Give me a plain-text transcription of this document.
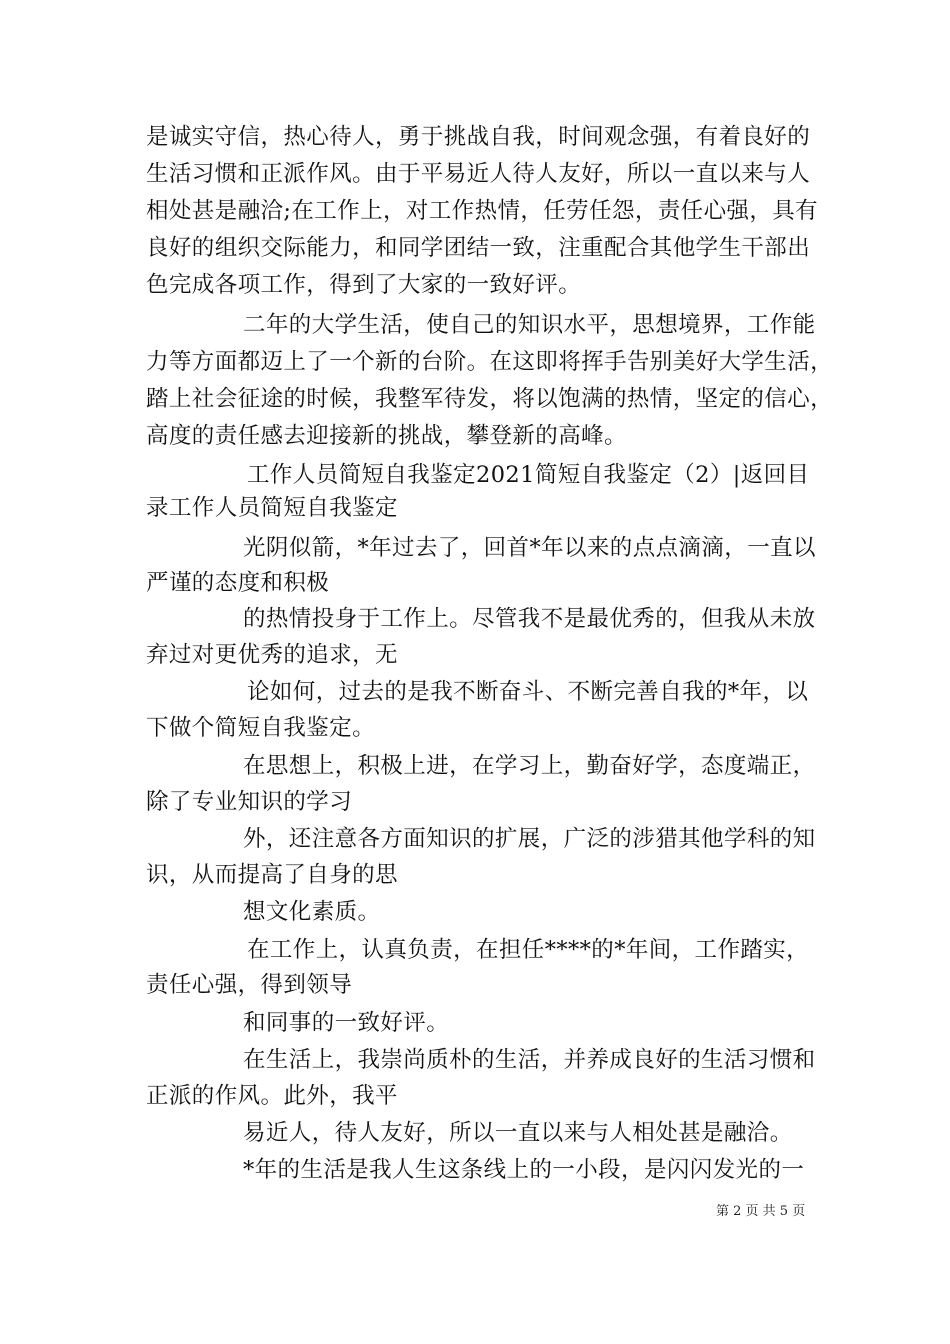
是诚实守信，热心待人，勇于挑战自我，时间观念强，有着良好的
生活习惯和正派作风。由于平易近人待人友好，所以一直以来与人
相处甚是融洽;在工作上，对工作热情，任劳任怨，责任心强，具有
良好的组织交际能力，和同学团结一致，注重配合其他学生干部出
色完成各项工作，得到了大家的一致好评。
二年的大学生活，使自己的知识水平，思想境界，工作能
力等方面都迈上了一个新的台阶。在这即将挥手告别美好大学生活，
踏上社会征途的时候，我整军待发，将以饱满的热情，坚定的信心，
高度的责任感去迎接新的挑战，攀登新的高峰。
工作人员简短自我鉴定2021简短自我鉴定（2）|返回目
录工作人员简短自我鉴定
光阴似箭，*年过去了，回首*年以来的点点滴滴，一直以
严谨的态度和积极
的热情投身于工作上。尽管我不是最优秀的，但我从未放
弃过对更优秀的追求，无
论如何，过去的是我不断奋斗、不断完善自我的*年，以
下做个简短自我鉴定。
在思想上，积极上进，在学习上，勤奋好学，态度端正，
除了专业知识的学习
外，还注意各方面知识的扩展，广泛的涉猎其他学科的知
识，从而提高了自身的思
想文化素质。
在工作上，认真负责，在担任****的*年间，工作踏实，
责任心强，得到领导
和同事的一致好评。
在生活上，我崇尚质朴的生活，并养成良好的生活习惯和
正派的作风。此外，我平
易近人，待人友好，所以一直以来与人相处甚是融洽。
*年的生活是我人生这条线上的一小段，是闪闪发光的一
第 2 页 共 5 页
